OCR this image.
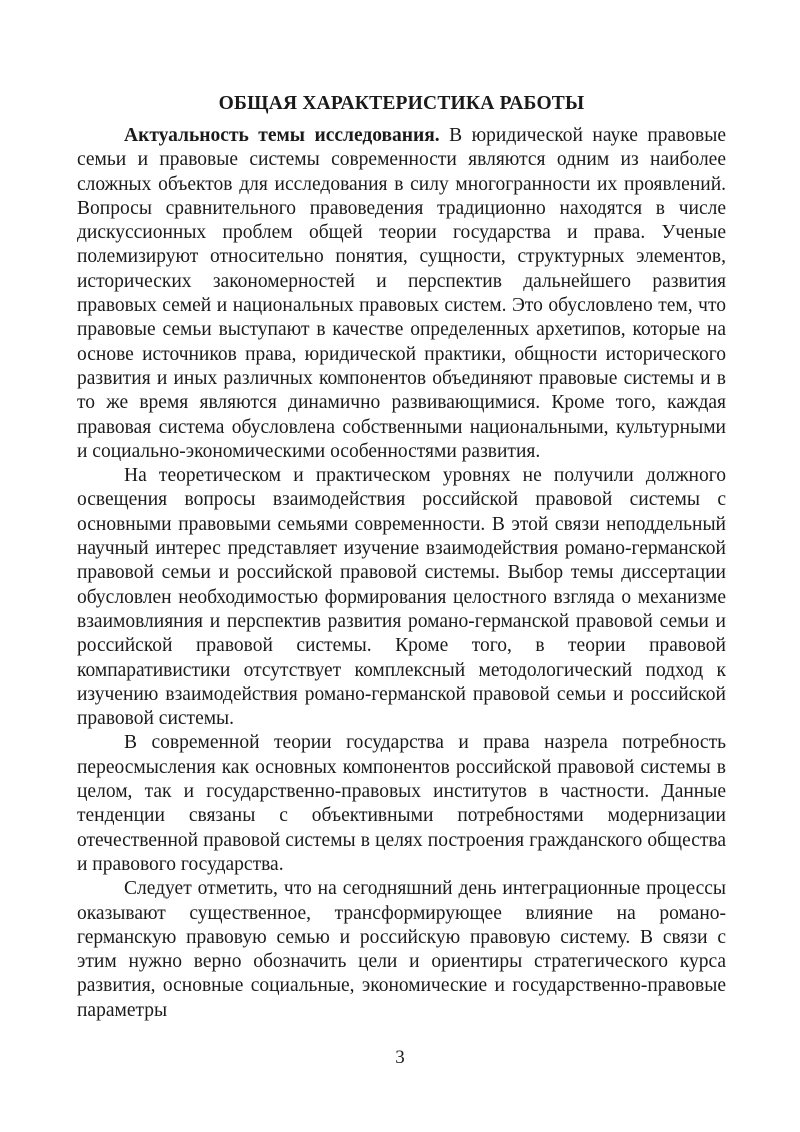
ОБЩАЯ ХАРАКТЕРИСТИКА РАБОТЫ

Актуальность темы исследования. В юридической науке правовые семьи и правовые системы современности являются одним из наиболее сложных объектов для исследования в силу многогранности их проявлений. Вопросы сравнительного правоведения традиционно находятся в числе дискуссионных проблем общей теории государства и права. Ученые полемизируют относительно понятия, сущности, структурных элементов, исторических закономерностей и перспектив дальнейшего развития правовых семей и национальных правовых систем. Это обусловлено тем, что правовые семьи выступают в качестве определенных архетипов, которые на основе источников права, юридической практики, общности исторического развития и иных различных компонентов объединяют правовые системы и в то же время являются динамично развивающимися. Кроме того, каждая правовая система обусловлена собственными национальными, культурными и социально-экономическими особенностями развития.

На теоретическом и практическом уровнях не получили должного освещения вопросы взаимодействия российской правовой системы с основными правовыми семьями современности. В этой связи неподдельный научный интерес представляет изучение взаимодействия романо-германской правовой семьи и российской правовой системы. Выбор темы диссертации обусловлен необходимостью формирования целостного взгляда о механизме взаимовлияния и перспектив развития романо-германской правовой семьи и российской правовой системы. Кроме того, в теории правовой компаративистики отсутствует комплексный методологический подход к изучению взаимодействия романо-германской правовой семьи и российской правовой системы.

В современной теории государства и права назрела потребность переосмысления как основных компонентов российской правовой системы в целом, так и государственно-правовых институтов в частности. Данные тенденции связаны с объективными потребностями модернизации отечественной правовой системы в целях построения гражданского общества и правового государства.

Следует отметить, что на сегодняшний день интеграционные процессы оказывают существенное, трансформирующее влияние на романо-германскую правовую семью и российскую правовую систему. В связи с этим нужно верно обозначить цели и ориентиры стратегического курса развития, основные социальные, экономические и государственно-правовые параметры

3
